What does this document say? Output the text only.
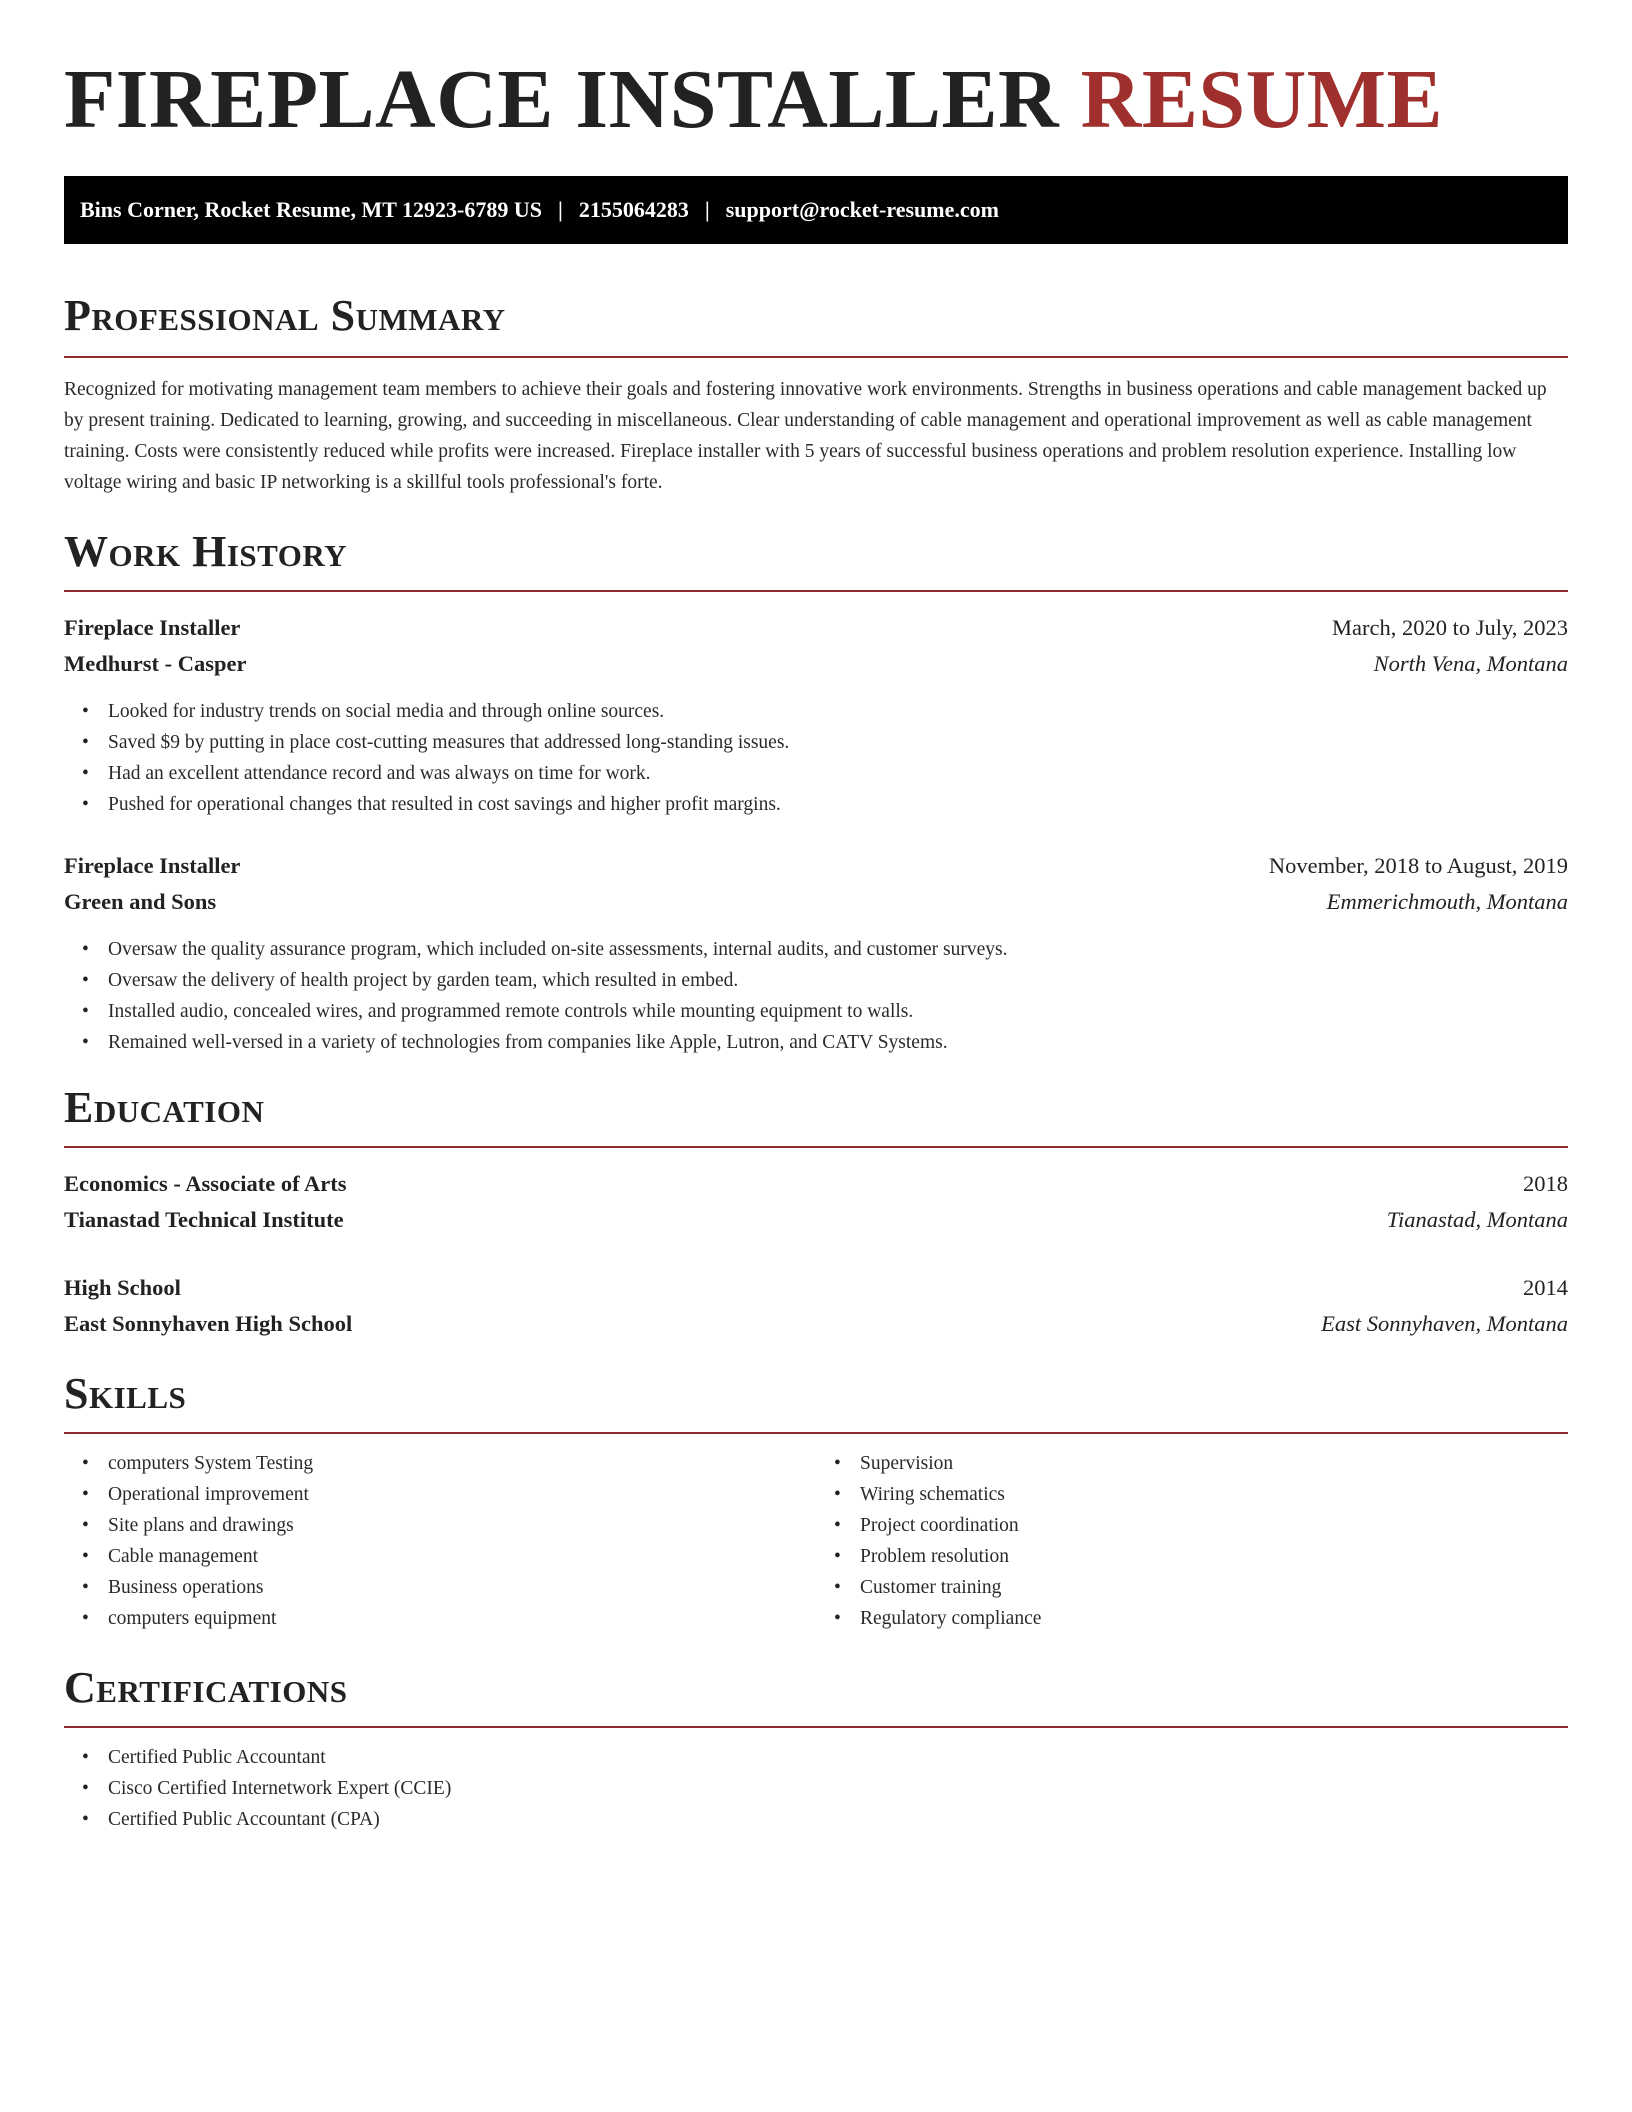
FIREPLACE INSTALLER RESUME
Bins Corner, Rocket Resume, MT 12923-6789 US | 2155064283 | support@rocket-resume.com
Professional Summary

Recognized for motivating management team members to achieve their goals and fostering innovative work environments. Strengths in business operations and cable management backed up by present training. Dedicated to learning, growing, and succeeding in miscellaneous. Clear understanding of cable management and operational improvement as well as cable management training. Costs were consistently reduced while profits were increased. Fireplace installer with 5 years of successful business operations and problem resolution experience. Installing low voltage wiring and basic IP networking is a skillful tools professional's forte.

Work History
Fireplace Installer	March, 2020 to July, 2023
Medhurst - Casper	North Vena, Montana
• Looked for industry trends on social media and through online sources.
• Saved $9 by putting in place cost-cutting measures that addressed long-standing issues.
• Had an excellent attendance record and was always on time for work.
• Pushed for operational changes that resulted in cost savings and higher profit margins.
Fireplace Installer	November, 2018 to August, 2019
Green and Sons	Emmerichmouth, Montana
• Oversaw the quality assurance program, which included on-site assessments, internal audits, and customer surveys.
• Oversaw the delivery of health project by garden team, which resulted in embed.
• Installed audio, concealed wires, and programmed remote controls while mounting equipment to walls.
• Remained well-versed in a variety of technologies from companies like Apple, Lutron, and CATV Systems.
Education
Economics - Associate of Arts	2018
Tianastad Technical Institute	Tianastad, Montana
High School	2014
East Sonnyhaven High School	East Sonnyhaven, Montana
Skills
• computers System Testing
• Operational improvement
• Site plans and drawings
• Cable management
• Business operations
• computers equipment
• Supervision
• Wiring schematics
• Project coordination
• Problem resolution
• Customer training
• Regulatory compliance
Certifications
• Certified Public Accountant
• Cisco Certified Internetwork Expert (CCIE)
• Certified Public Accountant (CPA)
